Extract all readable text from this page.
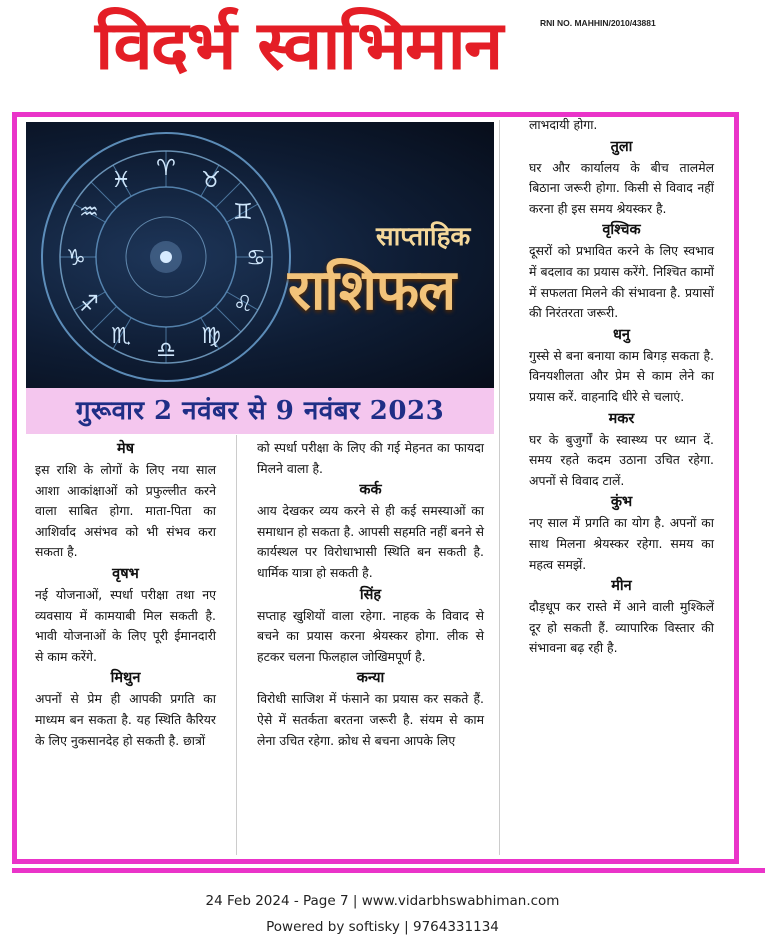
विदर्भ स्वाभिमान	RNI NO. MAHHIN/2010/43881
♈ ♉
♊
♋
♌
♍
♎
♏
♐
♑
♒
♓
साप्ताहिक
राशिफल
गुरूवार 2 नवंबर से 9 नवंबर 2023
मेष

इस राशि के लोगों के लिए नया साल आशा आकांक्षाओं को प्रफुल्लीत करने वाला साबित होगा. माता-पिता का आशिर्वाद असंभव को भी संभव करा सकता है.

वृषभ

नई योजनाओं, स्पर्धा परीक्षा तथा नए व्यवसाय में कामयाबी मिल सकती है. भावी योजनाओं के लिए पूरी ईमानदारी से काम करेंगे.

मिथुन

अपनों से प्रेम ही आपकी प्रगति का माध्यम बन सकता है. यह स्थिति कैरियर के लिए नुकसानदेह हो सकती है. छात्रों

को स्पर्धा परीक्षा के लिए की गई मेहनत का फायदा मिलने वाला है.

कर्क

आय देखकर व्यय करने से ही कई समस्याओं का समाधान हो सकता है. आपसी सहमति नहीं बनने से कार्यस्थल पर विरोधाभासी स्थिति बन सकती है. धार्मिक यात्रा हो सकती है.

सिंह

सप्ताह खुशियों वाला रहेगा. नाहक के विवाद से बचने का प्रयास करना श्रेयस्कर होगा. लीक से हटकर चलना फिलहाल जोखिमपूर्ण है.

कन्या

विरोधी साजिश में फंसाने का प्रयास कर सकते हैं. ऐसे में सतर्कता बरतना जरूरी है. संयम से काम लेना उचित रहेगा. क्रोध से बचना आपके लिए

लाभदायी होगा.

तुला

घर और कार्यालय के बीच तालमेल बिठाना जरूरी होगा. किसी से विवाद नहीं करना ही इस समय श्रेयस्कर है.

वृश्चिक

दूसरों को प्रभावित करने के लिए स्वभाव में बदलाव का प्रयास करेंगे. निश्चित कामों में सफलता मिलने की संभावना है. प्रयासों की निरंतरता जरूरी.

धनु

गुस्से से बना बनाया काम बिगड़ सकता है. विनयशीलता और प्रेम से काम लेने का प्रयास करें. वाहनादि धीरे से चलाएं.

मकर

घर के बुजुर्गों के स्वास्थ्य पर ध्यान दें. समय रहते कदम उठाना उचित रहेगा. अपनों से विवाद टालें.

कुंभ

नए साल में प्रगति का योग है. अपनों का साथ मिलना श्रेयस्कर रहेगा. समय का महत्व समझें.

मीन

दौड़धूप कर रास्ते में आने वाली मुश्किलें दूर हो सकती हैं. व्यापारिक विस्तार की संभावना बढ़ रही है.

24 Feb 2024 - Page 7 | www.vidarbhswabhiman.com
Powered by softisky | 9764331134
